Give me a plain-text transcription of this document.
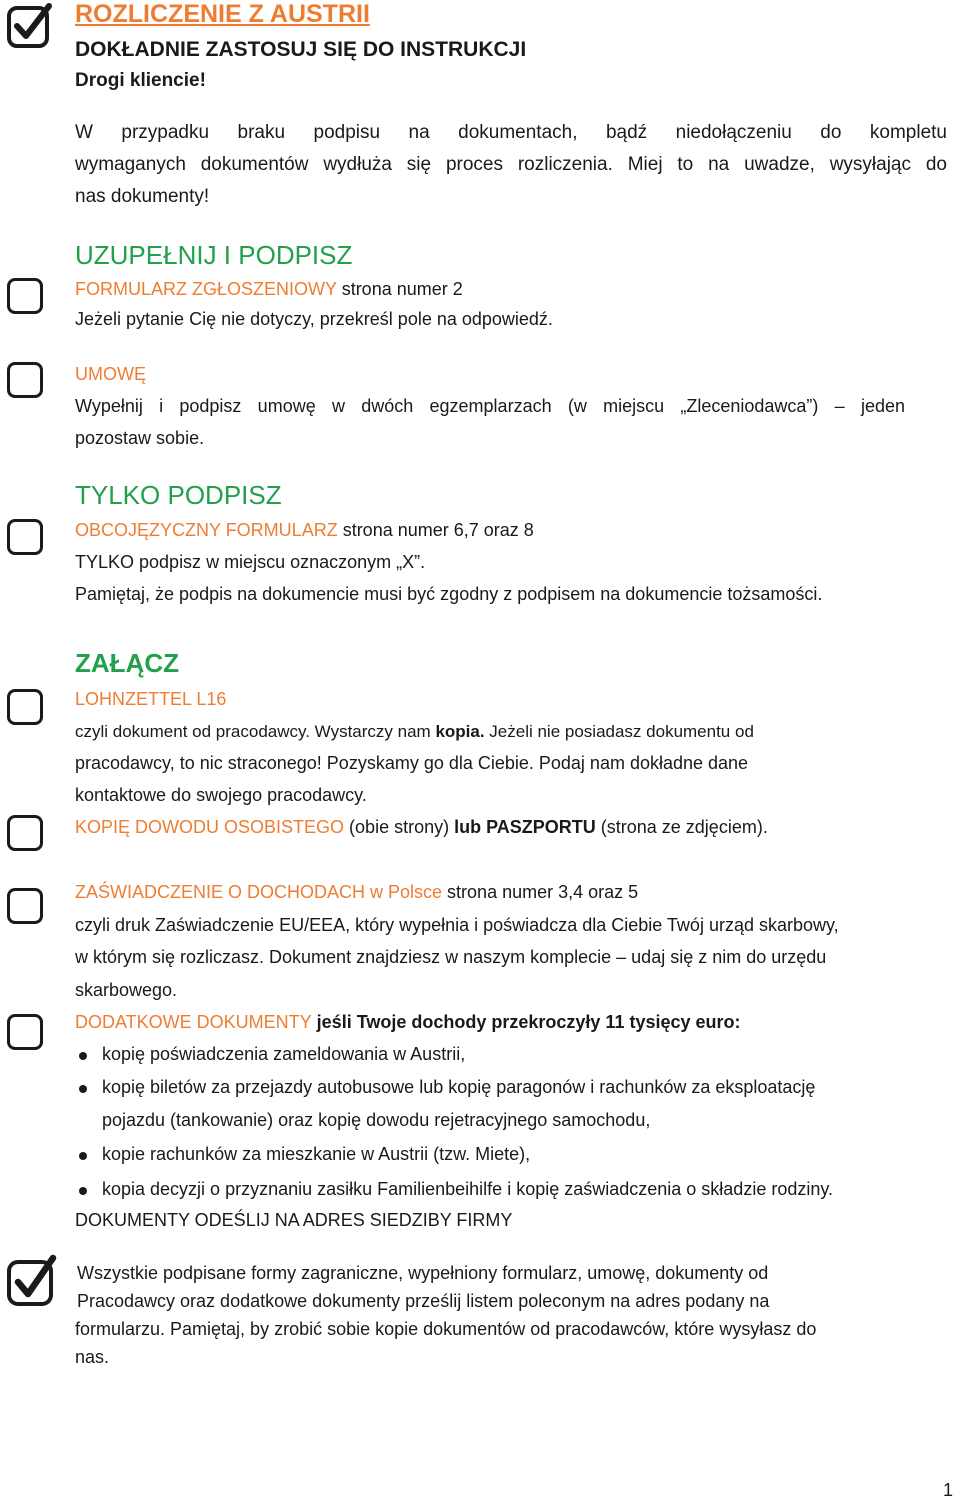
ROZLICZENIE Z AUSTRII
DOKŁADNIE ZASTOSUJ SIĘ DO INSTRUKCJI
Drogi kliencie!
W przypadku braku podpisu na dokumentach, bądź niedołączeniu do kompletu
wymaganych dokumentów wydłuża się proces rozliczenia. Miej to na uwadze, wysyłając do
nas dokumenty!
UZUPEŁNIJ I PODPISZ
FORMULARZ ZGŁOSZENIOWY strona numer 2
Jeżeli pytanie Cię nie dotyczy, przekreśl pole na odpowiedź.
UMOWĘ
Wypełnij i podpisz umowę w dwóch egzemplarzach (w miejscu „Zleceniodawca”) – jeden
pozostaw sobie.
TYLKO PODPISZ
OBCOJĘZYCZNY FORMULARZ strona numer 6,7 oraz 8
TYLKO podpisz w miejscu oznaczonym „X”.
Pamiętaj, że podpis na dokumencie musi być zgodny z podpisem na dokumencie tożsamości.
ZAŁĄCZ
LOHNZETTEL L16
czyli dokument od pracodawcy. Wystarczy nam kopia. Jeżeli nie posiadasz dokumentu od
pracodawcy, to nic straconego! Pozyskamy go dla Ciebie. Podaj nam dokładne dane
kontaktowe do swojego pracodawcy.
KOPIĘ DOWODU OSOBISTEGO (obie strony) lub PASZPORTU (strona ze zdjęciem).
ZAŚWIADCZENIE O DOCHODACH w Polsce strona numer 3,4 oraz 5
czyli druk Zaświadczenie EU/EEA, który wypełnia i poświadcza dla Ciebie Twój urząd skarbowy,
w którym się rozliczasz. Dokument znajdziesz w naszym komplecie – udaj się z nim do urzędu
skarbowego.
DODATKOWE DOKUMENTY jeśli Twoje dochody przekroczyły 11 tysięcy euro:
kopię poświadczenia zameldowania w Austrii,
kopię biletów za przejazdy autobusowe lub kopię paragonów i rachunków za eksploatację
pojazdu (tankowanie) oraz kopię dowodu rejetracyjnego samochodu,
kopie rachunków za mieszkanie w Austrii (tzw. Miete),
kopia decyzji o przyznaniu zasiłku Familienbeihilfe i kopię zaświadczenia o składzie rodziny.
DOKUMENTY ODEŚLIJ NA ADRES SIEDZIBY FIRMY
Wszystkie podpisane formy zagraniczne, wypełniony formularz, umowę, dokumenty od
Pracodawcy oraz dodatkowe dokumenty prześlij listem poleconym na adres podany na
formularzu. Pamiętaj, by zrobić sobie kopie dokumentów od pracodawców, które wysyłasz do
nas.
1
